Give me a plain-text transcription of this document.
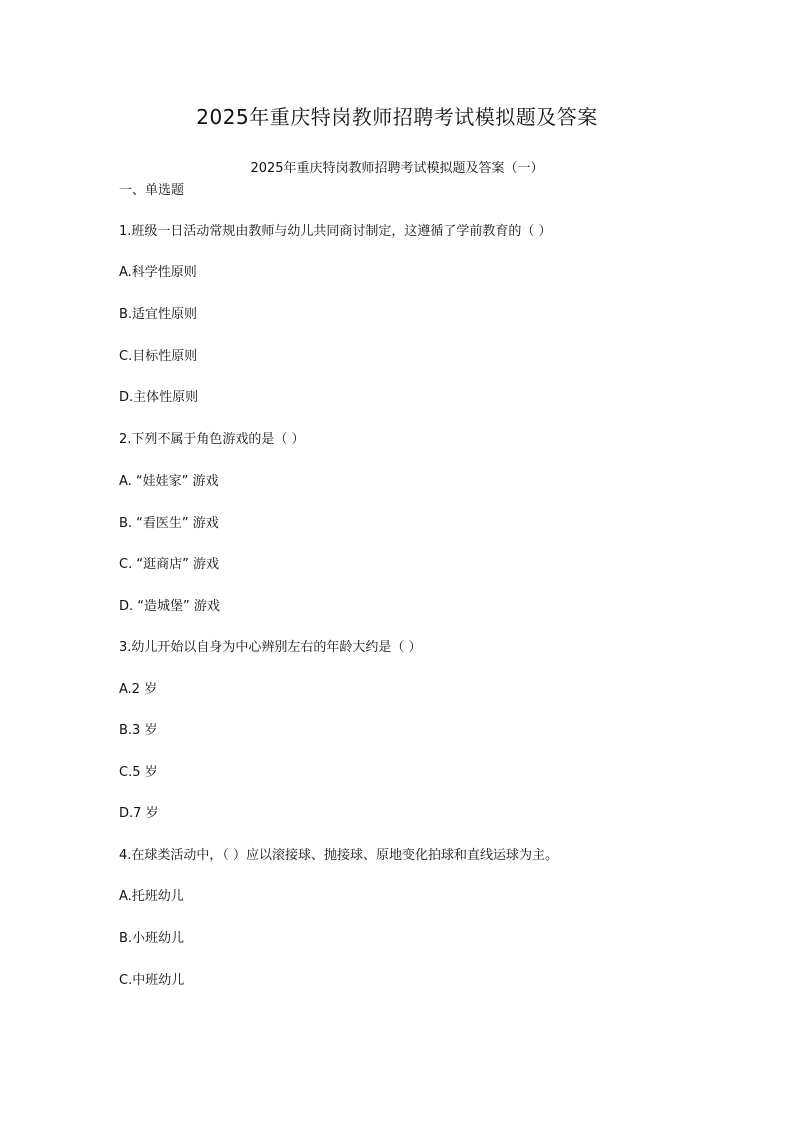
2025年重庆特岗教师招聘考试模拟题及答案
2025年重庆特岗教师招聘考试模拟题及答案（一）
一、单选题
1.班级一日活动常规由教师与幼儿共同商讨制定，这遵循了学前教育的（ ）
A.科学性原则
B.适宜性原则
C.目标性原则
D.主体性原则
2.下列不属于角色游戏的是（ ）
A. “娃娃家” 游戏
B. “看医生” 游戏
C. “逛商店” 游戏
D. “造城堡” 游戏
3.幼儿开始以自身为中心辨别左右的年龄大约是（ ）
A.2 岁
B.3 岁
C.5 岁
D.7 岁
4.在球类活动中，（ ）应以滚接球、抛接球、原地变化拍球和直线运球为主。
A.托班幼儿
B.小班幼儿
C.中班幼儿
